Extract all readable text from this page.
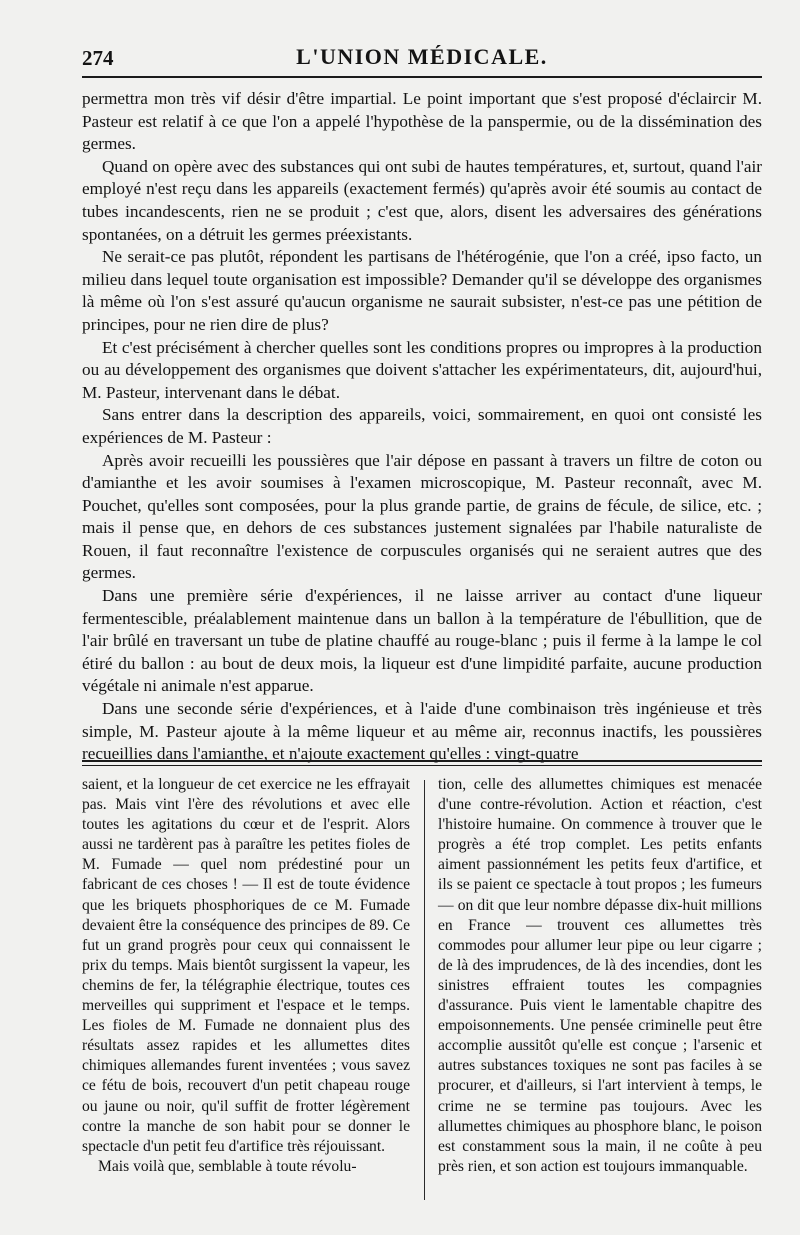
274	L'UNION MÉDICALE.

permettra mon très vif désir d'être impartial. Le point important que s'est proposé d'éclaircir M. Pasteur est relatif à ce que l'on a appelé l'hypothèse de la panspermie, ou de la dissémination des germes.

Quand on opère avec des substances qui ont subi de hautes températures, et, surtout, quand l'air employé n'est reçu dans les appareils (exactement fermés) qu'après avoir été soumis au contact de tubes incandescents, rien ne se produit ; c'est que, alors, disent les adversaires des générations spontanées, on a détruit les germes préexistants.

Ne serait-ce pas plutôt, répondent les partisans de l'hétérogénie, que l'on a créé, ipso facto, un milieu dans lequel toute organisation est impossible? Demander qu'il se développe des organismes là même où l'on s'est assuré qu'aucun organisme ne saurait subsister, n'est-ce pas une pétition de principes, pour ne rien dire de plus?

Et c'est précisément à chercher quelles sont les conditions propres ou impropres à la production ou au développement des organismes que doivent s'attacher les expérimentateurs, dit, aujourd'hui, M. Pasteur, intervenant dans le débat.

Sans entrer dans la description des appareils, voici, sommairement, en quoi ont consisté les expériences de M. Pasteur :

Après avoir recueilli les poussières que l'air dépose en passant à travers un filtre de coton ou d'amianthe et les avoir soumises à l'examen microscopique, M. Pasteur reconnaît, avec M. Pouchet, qu'elles sont composées, pour la plus grande partie, de grains de fécule, de silice, etc. ; mais il pense que, en dehors de ces substances justement signalées par l'habile naturaliste de Rouen, il faut reconnaître l'existence de corpuscules organisés qui ne seraient autres que des germes.

Dans une première série d'expériences, il ne laisse arriver au contact d'une liqueur fermentescible, préalablement maintenue dans un ballon à la température de l'ébullition, que de l'air brûlé en traversant un tube de platine chauffé au rouge-blanc ; puis il ferme à la lampe le col étiré du ballon : au bout de deux mois, la liqueur est d'une limpidité parfaite, aucune production végétale ni animale n'est apparue.

Dans une seconde série d'expériences, et à l'aide d'une combinaison très ingénieuse et très simple, M. Pasteur ajoute à la même liqueur et au même air, reconnus inactifs, les poussières recueillies dans l'amianthe, et n'ajoute exactement qu'elles : vingt-quatre

saient, et la longueur de cet exercice ne les effrayait pas. Mais vint l'ère des révolutions et avec elle toutes les agitations du cœur et de l'esprit. Alors aussi ne tardèrent pas à paraître les petites fioles de M. Fumade — quel nom prédestiné pour un fabricant de ces choses ! — Il est de toute évidence que les briquets phosphoriques de ce M. Fumade devaient être la conséquence des principes de 89. Ce fut un grand progrès pour ceux qui connaissent le prix du temps. Mais bientôt surgissent la vapeur, les chemins de fer, la télégraphie électrique, toutes ces merveilles qui suppriment et l'espace et le temps. Les fioles de M. Fumade ne donnaient plus des résultats assez rapides et les allumettes dites chimiques allemandes furent inventées ; vous savez ce fétu de bois, recouvert d'un petit chapeau rouge ou jaune ou noir, qu'il suffit de frotter légèrement contre la manche de son habit pour se donner le spectacle d'un petit feu d'artifice très réjouissant.

Mais voilà que, semblable à toute révolu-

tion, celle des allumettes chimiques est menacée d'une contre-révolution. Action et réaction, c'est l'histoire humaine. On commence à trouver que le progrès a été trop complet. Les petits enfants aiment passionnément les petits feux d'artifice, et ils se paient ce spectacle à tout propos ; les fumeurs — on dit que leur nombre dépasse dix-huit millions en France — trouvent ces allumettes très commodes pour allumer leur pipe ou leur cigarre ; de là des imprudences, de là des incendies, dont les sinistres effraient toutes les compagnies d'assurance. Puis vient le lamentable chapitre des empoisonnements. Une pensée criminelle peut être accomplie aussitôt qu'elle est conçue ; l'arsenic et autres substances toxiques ne sont pas faciles à se procurer, et d'ailleurs, si l'art intervient à temps, le crime ne se termine pas toujours. Avec les allumettes chimiques au phosphore blanc, le poison est constamment sous la main, il ne coûte à peu près rien, et son action est toujours immanquable.
